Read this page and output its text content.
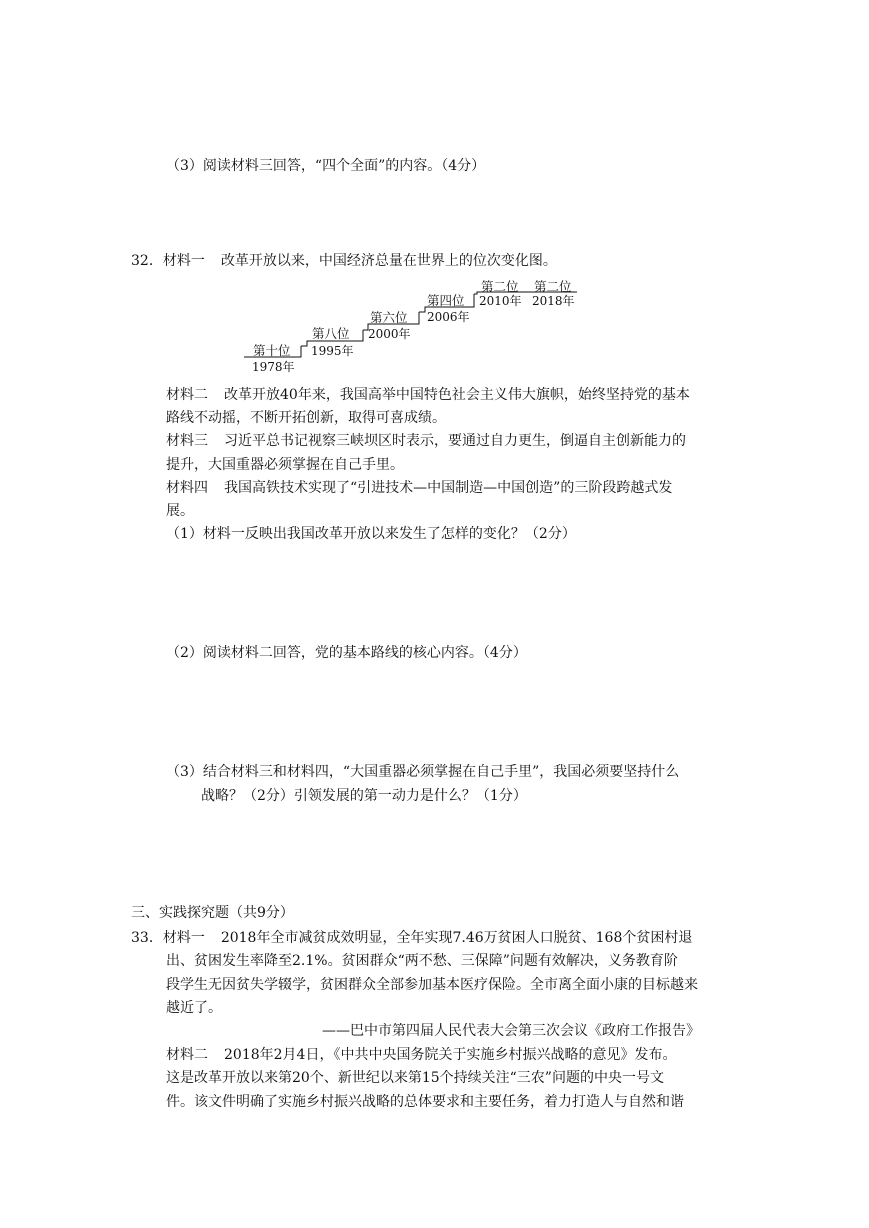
（3）阅读材料三回答，“四个全面”的内容。（4分）
32．材料一 改革开放以来，中国经济总量在世界上的位次变化图。
第十位
1978年
第八位
1995年
第六位
2000年
第四位
2006年
第二位
2010年
第二位
2018年
材料二 改革开放40年来，我国高举中国特色社会主义伟大旗帜，始终坚持党的基本
路线不动摇，不断开拓创新，取得可喜成绩。
材料三 习近平总书记视察三峡坝区时表示，要通过自力更生，倒逼自主创新能力的
提升，大国重器必须掌握在自己手里。
材料四 我国高铁技术实现了“引进技术—中国制造—中国创造”的三阶段跨越式发
展。
（1）材料一反映出我国改革开放以来发生了怎样的变化？（2分）
（2）阅读材料二回答，党的基本路线的核心内容。（4分）
（3）结合材料三和材料四，“大国重器必须掌握在自己手里”，我国必须要坚持什么
战略？（2分）引领发展的第一动力是什么？（1分）
三、实践探究题（共9分）
33．材料一 2018年全市减贫成效明显，全年实现7.46万贫困人口脱贫、168个贫困村退
出、贫困发生率降至2.1%。贫困群众“两不愁、三保障”问题有效解决，义务教育阶
段学生无因贫失学辍学，贫困群众全部参加基本医疗保险。全市离全面小康的目标越来
越近了。
——巴中市第四届人民代表大会第三次会议《政府工作报告》
材料二 2018年2月4日，《中共中央国务院关于实施乡村振兴战略的意见》发布。
这是改革开放以来第20个、新世纪以来第15个持续关注“三农”问题的中央一号文
件。该文件明确了实施乡村振兴战略的总体要求和主要任务，着力打造人与自然和谐
